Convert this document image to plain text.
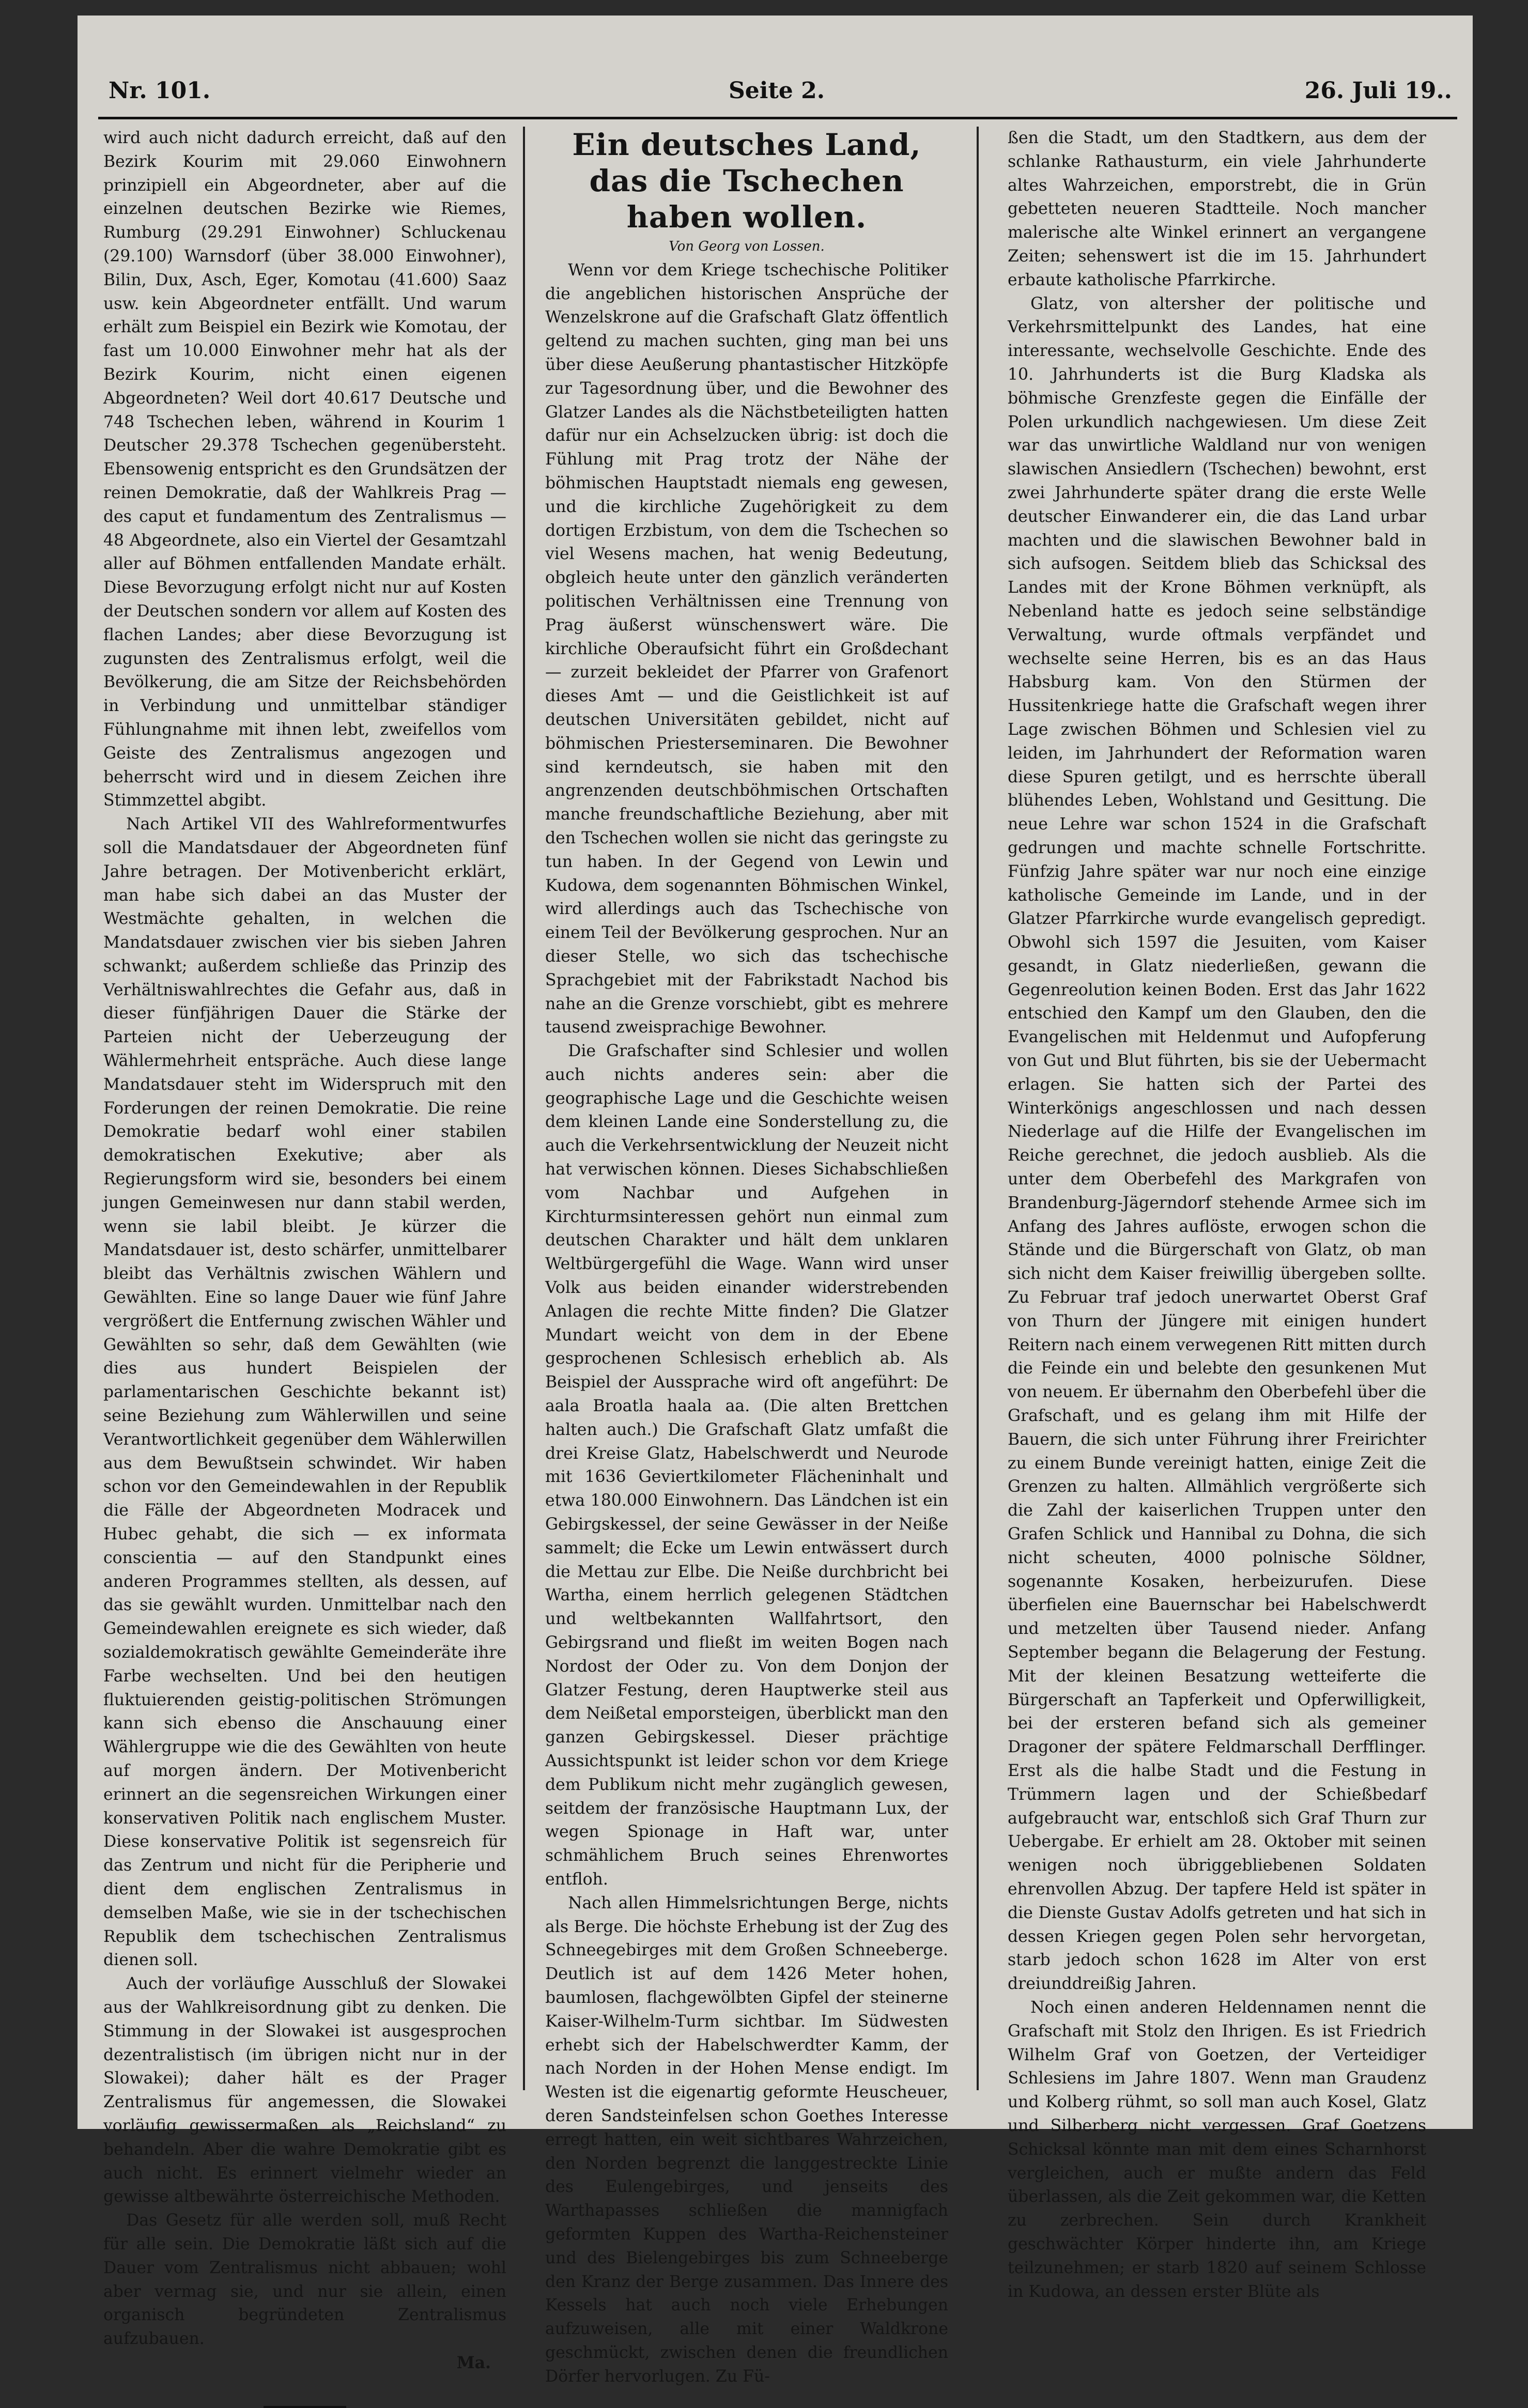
Nr. 101.	Seite 2.	26. Juli 19..

wird auch nicht dadurch erreicht, daß auf den Bezirk Kourim mit 29.060 Einwohnern prinzipiell ein Abgeordneter, aber auf die einzelnen deutschen Bezirke wie Riemes, Rumburg (29.291 Einwohner) Schluckenau (29.100) Warnsdorf (über 38.000 Einwohner), Bilin, Dux, Asch, Eger, Komotau (41.600) Saaz usw. kein Abgeordneter entfällt. Und warum erhält zum Beispiel ein Bezirk wie Komotau, der fast um 10.000 Einwohner mehr hat als der Bezirk Kourim, nicht einen eigenen Abgeordneten? Weil dort 40.617 Deutsche und 748 Tschechen leben, während in Kourim 1 Deutscher 29.378 Tschechen gegenübersteht. Ebensowenig entspricht es den Grundsätzen der reinen Demokratie, daß der Wahlkreis Prag — des caput et fundamentum des Zentralismus — 48 Abgeordnete, also ein Viertel der Gesamtzahl aller auf Böhmen entfallenden Mandate erhält. Diese Bevorzugung erfolgt nicht nur auf Kosten der Deutschen sondern vor allem auf Kosten des flachen Landes; aber diese Bevorzugung ist zugunsten des Zentralismus erfolgt, weil die Bevölkerung, die am Sitze der Reichsbehörden in Verbindung und unmittelbar ständiger Fühlungnahme mit ihnen lebt, zweifellos vom Geiste des Zentralismus angezogen und beherrscht wird und in diesem Zeichen ihre Stimmzettel abgibt.

Nach Artikel VII des Wahlreformentwurfes soll die Mandatsdauer der Abgeordneten fünf Jahre betragen. Der Motivenbericht erklärt, man habe sich dabei an das Muster der Westmächte gehalten, in welchen die Mandatsdauer zwischen vier bis sieben Jahren schwankt; außerdem schließe das Prinzip des Verhältniswahlrechtes die Gefahr aus, daß in dieser fünfjährigen Dauer die Stärke der Parteien nicht der Ueberzeugung der Wählermehrheit entspräche. Auch diese lange Mandatsdauer steht im Widerspruch mit den Forderungen der reinen Demokratie. Die reine Demokratie bedarf wohl einer stabilen demokratischen Exekutive; aber als Regierungsform wird sie, besonders bei einem jungen Gemeinwesen nur dann stabil werden, wenn sie labil bleibt. Je kürzer die Mandatsdauer ist, desto schärfer, unmittelbarer bleibt das Verhältnis zwischen Wählern und Gewählten. Eine so lange Dauer wie fünf Jahre vergrößert die Entfernung zwischen Wähler und Gewählten so sehr, daß dem Gewählten (wie dies aus hundert Beispielen der parlamentarischen Geschichte bekannt ist) seine Beziehung zum Wählerwillen und seine Verantwortlichkeit gegenüber dem Wählerwillen aus dem Bewußtsein schwindet. Wir haben schon vor den Gemeindewahlen in der Republik die Fälle der Abgeordneten Modracek und Hubec gehabt, die sich — ex informata conscientia — auf den Standpunkt eines anderen Programmes stellten, als dessen, auf das sie gewählt wurden. Unmittelbar nach den Gemeindewahlen ereignete es sich wieder, daß sozialdemokratisch gewählte Gemeinderäte ihre Farbe wechselten. Und bei den heutigen fluktuierenden geistig-politischen Strömungen kann sich ebenso die Anschauung einer Wählergruppe wie die des Gewählten von heute auf morgen ändern. Der Motivenbericht erinnert an die segensreichen Wirkungen einer konservativen Politik nach englischem Muster. Diese konservative Politik ist segensreich für das Zentrum und nicht für die Peripherie und dient dem englischen Zentralismus in demselben Maße, wie sie in der tschechischen Republik dem tschechischen Zentralismus dienen soll.

Auch der vorläufige Ausschluß der Slowakei aus der Wahlkreisordnung gibt zu denken. Die Stimmung in der Slowakei ist ausgesprochen dezentralistisch (im übrigen nicht nur in der Slowakei); daher hält es der Prager Zentralismus für angemessen, die Slowakei vorläufig gewissermaßen als „Reichsland“ zu behandeln. Aber die wahre Demokratie gibt es auch nicht. Es erinnert vielmehr wieder an gewisse altbewährte österreichische Methoden.

Das Gesetz für alle werden soll, muß Recht für alle sein. Die Demokratie läßt sich auf die Dauer vom Zentralismus nicht abbauen; wohl aber vermag sie, und nur sie allein, einen organisch begründeten Zentralismus aufzubauen.

Ma.

Ein deutsches Land, das die Tschechen haben wollen.

Von Georg von Lossen.

Wenn vor dem Kriege tschechische Politiker die angeblichen historischen Ansprüche der Wenzelskrone auf die Grafschaft Glatz öffentlich geltend zu machen suchten, ging man bei uns über diese Aeußerung phantastischer Hitzköpfe zur Tagesordnung über, und die Bewohner des Glatzer Landes als die Nächstbeteiligten hatten dafür nur ein Achselzucken übrig: ist doch die Fühlung mit Prag trotz der Nähe der böhmischen Hauptstadt niemals eng gewesen, und die kirchliche Zugehörigkeit zu dem dortigen Erzbistum, von dem die Tschechen so viel Wesens machen, hat wenig Bedeutung, obgleich heute unter den gänzlich veränderten politischen Verhältnissen eine Trennung von Prag äußerst wünschenswert wäre. Die kirchliche Oberaufsicht führt ein Großdechant — zurzeit bekleidet der Pfarrer von Grafenort dieses Amt — und die Geistlichkeit ist auf deutschen Universitäten gebildet, nicht auf böhmischen Priesterseminaren. Die Bewohner sind kerndeutsch, sie haben mit den angrenzenden deutschböhmischen Ortschaften manche freundschaftliche Beziehung, aber mit den Tschechen wollen sie nicht das geringste zu tun haben. In der Gegend von Lewin und Kudowa, dem sogenannten Böhmischen Winkel, wird allerdings auch das Tschechische von einem Teil der Bevölkerung gesprochen. Nur an dieser Stelle, wo sich das tschechische Sprachgebiet mit der Fabrikstadt Nachod bis nahe an die Grenze vorschiebt, gibt es mehrere tausend zweisprachige Bewohner.

Die Grafschafter sind Schlesier und wollen auch nichts anderes sein: aber die geographische Lage und die Geschichte weisen dem kleinen Lande eine Sonderstellung zu, die auch die Verkehrsentwicklung der Neuzeit nicht hat verwischen können. Dieses Sichabschließen vom Nachbar und Aufgehen in Kirchturmsinteressen gehört nun einmal zum deutschen Charakter und hält dem unklaren Weltbürgergefühl die Wage. Wann wird unser Volk aus beiden einander widerstrebenden Anlagen die rechte Mitte finden? Die Glatzer Mundart weicht von dem in der Ebene gesprochenen Schlesisch erheblich ab. Als Beispiel der Aussprache wird oft angeführt: De aala Broatla haala aa. (Die alten Brettchen halten auch.) Die Grafschaft Glatz umfaßt die drei Kreise Glatz, Habelschwerdt und Neurode mit 1636 Geviertkilometer Flächeninhalt und etwa 180.000 Einwohnern. Das Ländchen ist ein Gebirgskessel, der seine Gewässer in der Neiße sammelt; die Ecke um Lewin entwässert durch die Mettau zur Elbe. Die Neiße durchbricht bei Wartha, einem herrlich gelegenen Städtchen und weltbekannten Wallfahrtsort, den Gebirgsrand und fließt im weiten Bogen nach Nordost der Oder zu. Von dem Donjon der Glatzer Festung, deren Hauptwerke steil aus dem Neißetal emporsteigen, überblickt man den ganzen Gebirgskessel. Dieser prächtige Aussichtspunkt ist leider schon vor dem Kriege dem Publikum nicht mehr zugänglich gewesen, seitdem der französische Hauptmann Lux, der wegen Spionage in Haft war, unter schmählichem Bruch seines Ehrenwortes entfloh.

Nach allen Himmelsrichtungen Berge, nichts als Berge. Die höchste Erhebung ist der Zug des Schneegebirges mit dem Großen Schneeberge. Deutlich ist auf dem 1426 Meter hohen, baumlosen, flachgewölbten Gipfel der steinerne Kaiser-Wilhelm-Turm sichtbar. Im Südwesten erhebt sich der Habelschwerdter Kamm, der nach Norden in der Hohen Mense endigt. Im Westen ist die eigenartig geformte Heuscheuer, deren Sandsteinfelsen schon Goethes Interesse erregt hatten, ein weit sichtbares Wahrzeichen, den Norden begrenzt die langgestreckte Linie des Eulengebirges, und jenseits des Warthapasses schließen die mannigfach geformten Kuppen des Wartha-Reichensteiner und des Bielengebirges bis zum Schneeberge den Kranz der Berge zusammen. Das Innere des Kessels hat auch noch viele Erhebungen aufzuweisen, alle mit einer Waldkrone geschmückt, zwischen denen die freundlichen Dörfer hervorlugen. Zu Fü-

ßen die Stadt, um den Stadtkern, aus dem der schlanke Rathausturm, ein viele Jahrhunderte altes Wahrzeichen, emporstrebt, die in Grün gebetteten neueren Stadtteile. Noch mancher malerische alte Winkel erinnert an vergangene Zeiten; sehenswert ist die im 15. Jahrhundert erbaute katholische Pfarrkirche.

Glatz, von altersher der politische und Verkehrsmittelpunkt des Landes, hat eine interessante, wechselvolle Geschichte. Ende des 10. Jahrhunderts ist die Burg Kladska als böhmische Grenzfeste gegen die Einfälle der Polen urkundlich nachgewiesen. Um diese Zeit war das unwirtliche Waldland nur von wenigen slawischen Ansiedlern (Tschechen) bewohnt, erst zwei Jahrhunderte später drang die erste Welle deutscher Einwanderer ein, die das Land urbar machten und die slawischen Bewohner bald in sich aufsogen. Seitdem blieb das Schicksal des Landes mit der Krone Böhmen verknüpft, als Nebenland hatte es jedoch seine selbständige Verwaltung, wurde oftmals verpfändet und wechselte seine Herren, bis es an das Haus Habsburg kam. Von den Stürmen der Hussitenkriege hatte die Grafschaft wegen ihrer Lage zwischen Böhmen und Schlesien viel zu leiden, im Jahrhundert der Reformation waren diese Spuren getilgt, und es herrschte überall blühendes Leben, Wohlstand und Gesittung. Die neue Lehre war schon 1524 in die Grafschaft gedrungen und machte schnelle Fortschritte. Fünfzig Jahre später war nur noch eine einzige katholische Gemeinde im Lande, und in der Glatzer Pfarrkirche wurde evangelisch gepredigt. Obwohl sich 1597 die Jesuiten, vom Kaiser gesandt, in Glatz niederließen, gewann die Gegenreolution keinen Boden. Erst das Jahr 1622 entschied den Kampf um den Glauben, den die Evangelischen mit Heldenmut und Aufopferung von Gut und Blut führten, bis sie der Uebermacht erlagen. Sie hatten sich der Partei des Winterkönigs angeschlossen und nach dessen Niederlage auf die Hilfe der Evangelischen im Reiche gerechnet, die jedoch ausblieb. Als die unter dem Oberbefehl des Markgrafen von Brandenburg-Jägerndorf stehende Armee sich im Anfang des Jahres auflöste, erwogen schon die Stände und die Bürgerschaft von Glatz, ob man sich nicht dem Kaiser freiwillig übergeben sollte. Zu Februar traf jedoch unerwartet Oberst Graf von Thurn der Jüngere mit einigen hundert Reitern nach einem verwegenen Ritt mitten durch die Feinde ein und belebte den gesunkenen Mut von neuem. Er übernahm den Oberbefehl über die Grafschaft, und es gelang ihm mit Hilfe der Bauern, die sich unter Führung ihrer Freirichter zu einem Bunde vereinigt hatten, einige Zeit die Grenzen zu halten. Allmählich vergrößerte sich die Zahl der kaiserlichen Truppen unter den Grafen Schlick und Hannibal zu Dohna, die sich nicht scheuten, 4000 polnische Söldner, sogenannte Kosaken, herbeizurufen. Diese überfielen eine Bauernschar bei Habelschwerdt und metzelten über Tausend nieder. Anfang September begann die Belagerung der Festung. Mit der kleinen Besatzung wetteiferte die Bürgerschaft an Tapferkeit und Opferwilligkeit, bei der ersteren befand sich als gemeiner Dragoner der spätere Feldmarschall Derfflinger. Erst als die halbe Stadt und die Festung in Trümmern lagen und der Schießbedarf aufgebraucht war, entschloß sich Graf Thurn zur Uebergabe. Er erhielt am 28. Oktober mit seinen wenigen noch übriggebliebenen Soldaten ehrenvollen Abzug. Der tapfere Held ist später in die Dienste Gustav Adolfs getreten und hat sich in dessen Kriegen gegen Polen sehr hervorgetan, starb jedoch schon 1628 im Alter von erst dreiunddreißig Jahren.

Noch einen anderen Heldennamen nennt die Grafschaft mit Stolz den Ihrigen. Es ist Friedrich Wilhelm Graf von Goetzen, der Verteidiger Schlesiens im Jahre 1807. Wenn man Graudenz und Kolberg rühmt, so soll man auch Kosel, Glatz und Silberberg nicht vergessen. Graf Goetzens Schicksal könnte man mit dem eines Scharnhorst vergleichen, auch er mußte andern das Feld überlassen, als die Zeit gekommen war, die Ketten zu zerbrechen. Sein durch Krankheit geschwächter Körper hinderte ihn, am Kriege teilzunehmen; er starb 1820 auf seinem Schlosse in Kudowa, an dessen erster Blüte als
